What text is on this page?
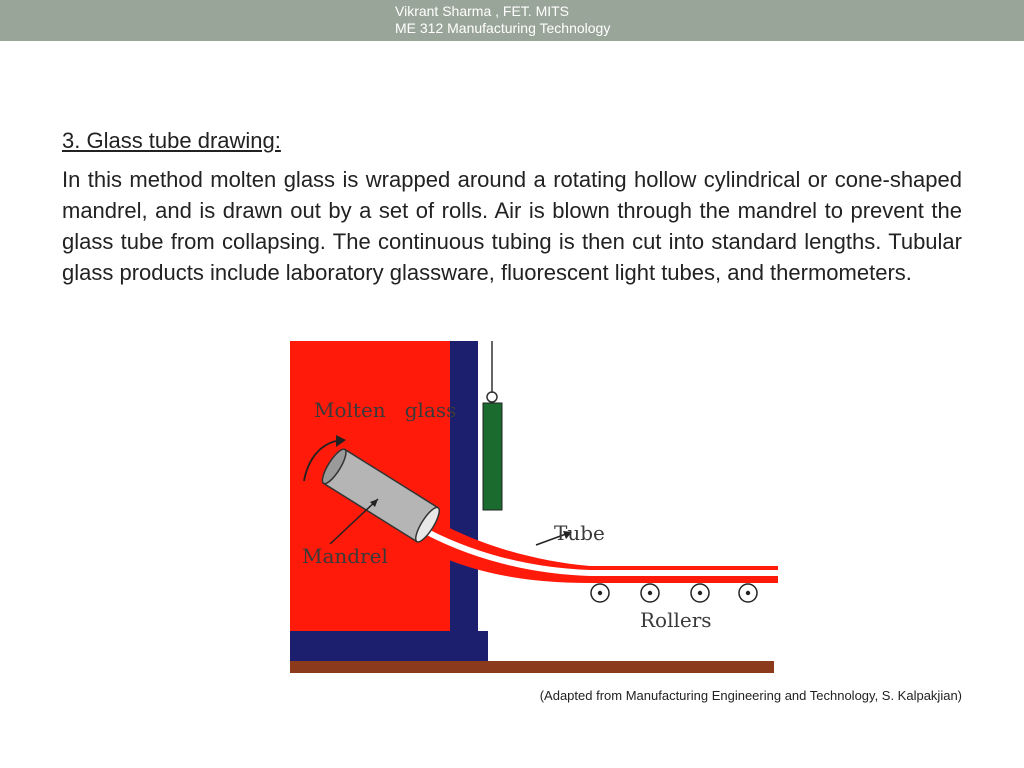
Vikrant Sharma , FET. MITS
ME 312 Manufacturing Technology
3. Glass tube drawing:

In this method molten glass is wrapped around a rotating hollow cylindrical or cone-shaped mandrel, and is drawn out by a set of rolls. Air is blown through the mandrel to prevent the glass tube from collapsing. The continuous tubing is then cut into standard lengths. Tubular glass products include laboratory glassware, fluorescent light tubes, and thermometers.

Molten   glass
Mandrel
Tube
Rollers
(Adapted from Manufacturing Engineering and Technology, S. Kalpakjian)
